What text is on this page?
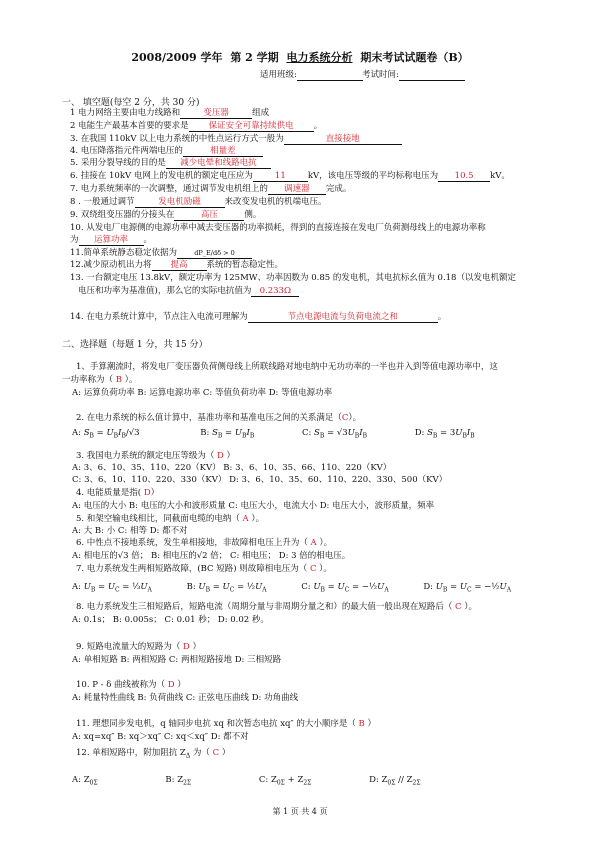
2008/2009 学年 第 2 学期 电力系统分析 期末考试试题卷（B）
适用班级:	考试时间:
一、 填空题(每空 2 分，共 30 分)
1 电力网络主要由电力线路和	变压器	组成
2 电能生产最基本首要的要求是 保证安全可靠持续供电 。
3. 在我国 110kV 以上电力系统的中性点运行方式一般为	直接接地
4. 电压降落指元件两端电压的	相量差
5. 采用分裂导线的目的是 减少电晕和线路电抗
6. 挂接在 10kV 电网上的发电机的额定电压应为	11	kV，该电压等级的平均标称电压为 10.5 kV。
7. 电力系统频率的一次调整，通过调节发电机组上的 调速器 完成。
8 . 一般通过调节	发电机励磁	来改变发电机的机端电压。
9. 双绕组变压器的分接头在	高压	侧。
10. 从发电厂电源侧的电源功率中减去变压器的功率损耗，得到的直接连接在发电厂负荷测母线上的电源功率称
为 运算功率 。
11.简单系统静态稳定依据为	dP_E/dδ > 0
12.减少原动机出力将 提高 系统的暂态稳定性。
13. 一台额定电压 13.8kV，额定功率为 125MW、功率因数为 0.85 的发电机，其电抗标幺值为 0.18（以发电机额定
电压和功率为基准值)，那么它的实际电抗值为 0.233Ω
14. 在电力系统计算中，节点注入电流可理解为	节点电源电流与负荷电流之和	。
二、选择题（每题 1 分，共 15 分）
1、手算潮流时，将发电厂变压器负荷侧母线上所联线路对地电纳中无功功率的一半也并入到等值电源功率中，这
一功率称为（ B ）。
A: 运算负荷功率 B: 运算电源功率 C: 等值负荷功率 D: 等值电源功率
2. 在电力系统的标么值计算中，基准功率和基准电压之间的关系满足（C）。
A: $S_B = U_BI_B/√3$	B: $S_B = U_BI_B$	C: $S_B = √3U_BI_B$	D: $S_B = 3U_BI_B$
3. 我国电力系统的额定电压等级为（ D ）
A: 3、6、10、35、110、220（KV） B: 3、6、10、35、66、110、220（KV）
C: 3、6、10、110、220、330（KV） D: 3、6、10、35、60、110、220、330、500（KV）
4. 电能质量是指( D）
A: 电压的大小 B: 电压的大小和波形质量 C: 电压大小，电流大小 D: 电压大小，波形质量，频率
5. 和架空输电线相比，同截面电缆的电纳（ A ）。
A: 大 B: 小 C: 相等 D: 都不对
6. 中性点不接地系统，发生单相接地，非故障相电压上升为（ A ）。
A: 相电压的√3 倍； B: 相电压的√2 倍； C: 相电压； D: 3 倍的相电压。
7. 电力系统发生两相短路故障，(BC 短路) 则故障相电压为（ C ）。
A: $U_B = U_C$ = $\frac{1}{3}U_A$	B: $U_B = U_C$ = $\frac{1}{2}U_A$	C: $U_B = U_C$ = $-\frac{1}{2}U_A$	D: $U_B = U_C$ = $-\frac{1}{2}U_A$
8. 电力系统发生三相短路后，短路电流（周期分量与非周期分量之和）的最大值一般出现在短路后（ C ）。
A: 0.1s； B: 0.005s； C: 0.01 秒； D: 0.02 秒。
9. 短路电流量大的短路为（ D ）
A: 单相短路 B: 两相短路 C: 两相短路接地 D: 三相短路
10. P - δ 曲线被称为（ D ）
A: 耗量特性曲线 B: 负荷曲线 C: 正弦电压曲线 D: 功角曲线
11. 理想同步发电机，q 轴同步电抗 xq 和次暂态电抗 xq″ 的大小顺序是（ B ）
A: xq=xq″ B: xq＞xq″ C: xq＜xq″ D: 都不对
12. 单相短路中，附加阻抗 $Z_\Delta$ 为（ C ）
A: $Z_{0\Sigma}$	B: $Z_{2\Sigma}$	C: $Z_{0\Sigma} + Z_{2\Sigma}$	D: $Z_{0\Sigma} // Z_{2\Sigma}$
第 1 页 共 4 页
